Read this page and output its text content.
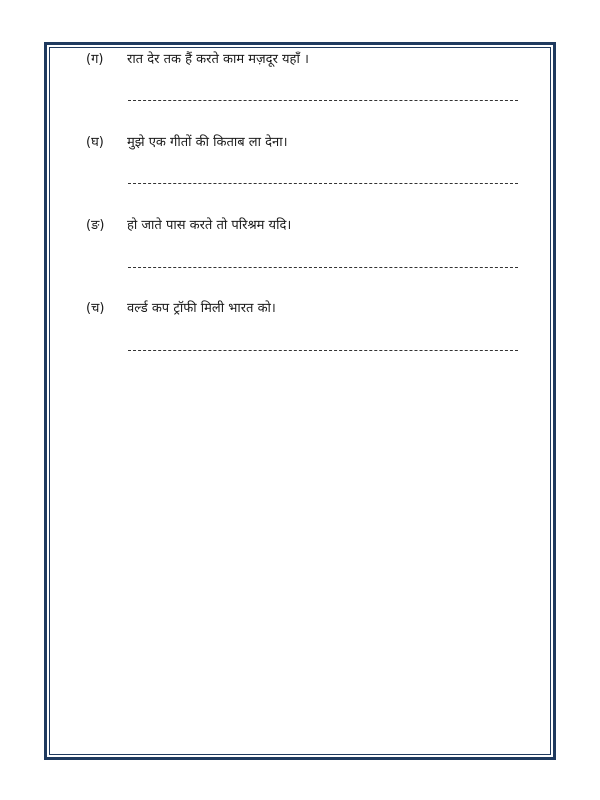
(ग) रात देर तक हैं करते काम मज़दूर यहाँ ।
(घ) मुझे एक गीतों की किताब ला देना।
(ङ) हो जाते पास करते तो परिश्रम यदि।
(च) वर्ल्ड कप ट्रॉफी मिली भारत को।
